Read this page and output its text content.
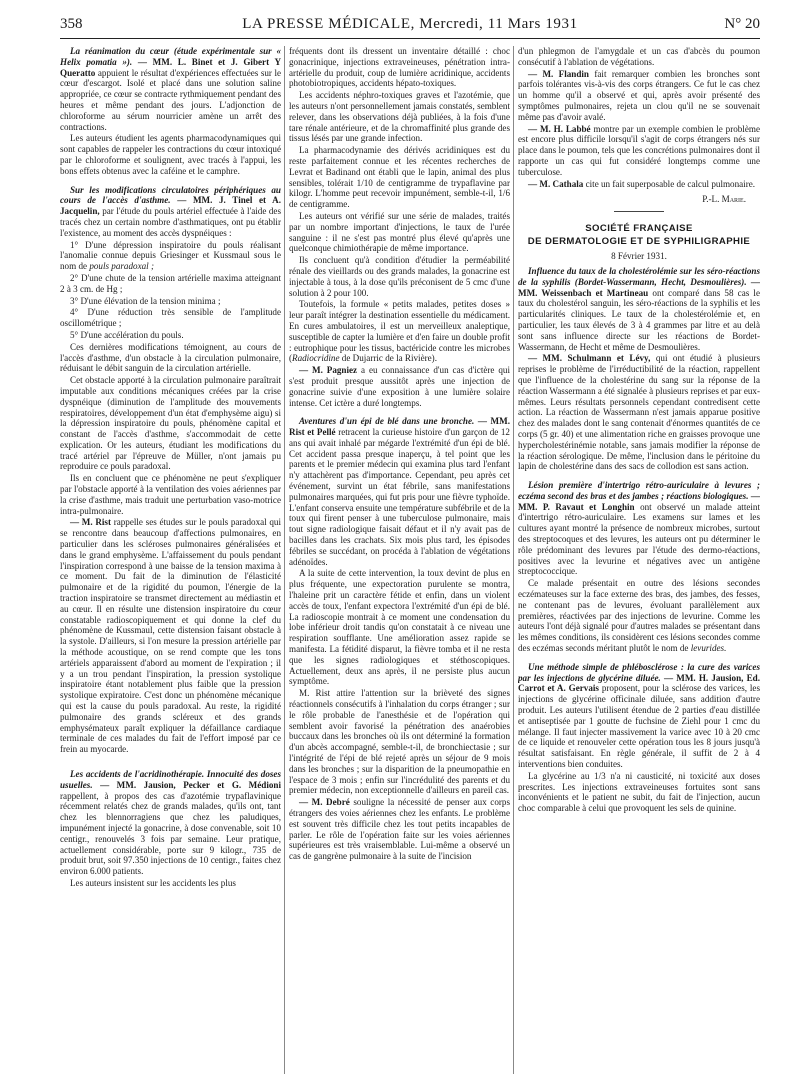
358	LA PRESSE MÉDICALE, Mercredi, 11 Mars 1931	N° 20

La réanimation du cœur (étude expérimentale sur « Helix pomatia »). — MM. L. Binet et J. Gibert Y Queratto appuient le résultat d'expériences effectuées sur le cœur d'escargot. Isolé et placé dans une solution saline appropriée, ce cœur se contracte rythmiquement pendant des heures et même pendant des jours. L'adjonction de chloroforme au sérum nourricier amène un arrêt des contractions.

Les auteurs étudient les agents pharmacodynamiques qui sont capables de rappeler les contractions du cœur intoxiqué par le chloroforme et soulignent, avec tracés à l'appui, les bons effets obtenus avec la caféine et le camphre.

Sur les modifications circulatoires périphériques au cours de l'accès d'asthme. — MM. J. Tinel et A. Jacquelin, par l'étude du pouls artériel effectuée à l'aide des tracés chez un certain nombre d'asthmatiques, ont pu établir l'existence, au moment des accès dyspnéiques :

1° D'une dépression inspiratoire du pouls réalisant l'anomalie connue depuis Griesinger et Kussmaul sous le nom de pouls paradoxal ;

2° D'une chute de la tension artérielle maxima atteignant 2 à 3 cm. de Hg ;

3° D'une élévation de la tension minima ;

4° D'une réduction très sensible de l'amplitude oscillométrique ;

5° D'une accélération du pouls.

Ces dernières modifications témoignent, au cours de l'accès d'asthme, d'un obstacle à la circulation pulmonaire, réduisant le débit sanguin de la circulation artérielle.

Cet obstacle apporté à la circulation pulmonaire paraîtrait imputable aux conditions mécaniques créées par la crise dyspnéique (diminution de l'amplitude des mouvements respiratoires, développement d'un état d'emphysème aigu) si la dépression inspiratoire du pouls, phénomène capital et constant de l'accès d'asthme, s'accommodait de cette explication. Or les auteurs, étudiant les modifications du tracé artériel par l'épreuve de Müller, n'ont jamais pu reproduire ce pouls paradoxal.

Ils en concluent que ce phénomène ne peut s'expliquer par l'obstacle apporté à la ventilation des voies aériennes par la crise d'asthme, mais traduit une perturbation vaso-motrice intra-pulmonaire.

— M. Rist rappelle ses études sur le pouls paradoxal qui se rencontre dans beaucoup d'affections pulmonaires, en particulier dans les scléroses pulmonaires généralisées et dans le grand emphysème. L'affaissement du pouls pendant l'inspiration correspond à une baisse de la tension maxima à ce moment. Du fait de la diminution de l'élasticité pulmonaire et de la rigidité du poumon, l'énergie de la traction inspiratoire se transmet directement au médiastin et au cœur. Il en résulte une distension inspiratoire du cœur constatable radioscopiquement et qui donne la clef du phénomène de Kussmaul, cette distension faisant obstacle à la systole. D'ailleurs, si l'on mesure la pression artérielle par la méthode acoustique, on se rend compte que les tons artériels apparaissent d'abord au moment de l'expiration ; il y a un trou pendant l'inspiration, la pression systolique inspiratoire étant notablement plus faible que la pression systolique expiratoire. C'est donc un phénomène mécanique qui est la cause du pouls paradoxal. Au reste, la rigidité pulmonaire des grands scléreux et des grands emphysémateux paraît expliquer la défaillance cardiaque terminale de ces malades du fait de l'effort imposé par ce frein au myocarde.

Les accidents de l'acridinothérapie. Innocuité des doses usuelles. — MM. Jausion, Pecker et G. Médioni rappellent, à propos des cas d'azotémie trypaflavinique récemment relatés chez de grands malades, qu'ils ont, tant chez les blennorragiens que chez les paludiques, impunément injecté la gonacrine, à dose convenable, soit 10 centigr., renouvelés 3 fois par semaine. Leur pratique, actuellement considérable, porte sur 9 kilogr., 735 de produit brut, soit 97.350 injections de 10 centigr., faites chez environ 6.000 patients.

Les auteurs insistent sur les accidents les plus

fréquents dont ils dressent un inventaire détaillé : choc gonacrinique, injections extraveineuses, pénétration intra-artérielle du produit, coup de lumière acridinique, accidents photobiotropiques, accidents hépato-toxiques.

Les accidents néphro-toxiques graves et l'azotémie, que les auteurs n'ont personnellement jamais constatés, semblent relever, dans les observations déjà publiées, à la fois d'une tare rénale antérieure, et de la chromaffinité plus grande des tissus lésés par une grande infection.

La pharmacodynamie des dérivés acridiniques est du reste parfaitement connue et les récentes recherches de Levrat et Badinand ont établi que le lapin, animal des plus sensibles, tolérait 1/10 de centigramme de trypaflavine par kilogr. L'homme peut recevoir impunément, semble-t-il, 1/6 de centigramme.

Les auteurs ont vérifié sur une série de malades, traités par un nombre important d'injections, le taux de l'urée sanguine : il ne s'est pas montré plus élevé qu'après une quelconque chimiothérapie de même importance.

Ils concluent qu'à condition d'étudier la perméabilité rénale des vieillards ou des grands malades, la gonacrine est injectable à tous, à la dose qu'ils préconisent de 5 cmc d'une solution à 2 pour 100.

Toutefois, la formule « petits malades, petites doses » leur paraît intégrer la destination essentielle du médicament. En cures ambulatoires, il est un merveilleux analeptique, susceptible de capter la lumière et d'en faire un double profit : eutrophique pour les tissus, bactéricide contre les microbes (Radiocridine de Dujarric de la Rivière).

— M. Pagniez a eu connaissance d'un cas d'ictère qui s'est produit presque aussitôt après une injection de gonacrine suivie d'une exposition à une lumière solaire intense. Cet ictère a duré longtemps.

Aventures d'un épi de blé dans une bronche. — MM. Rist et Pellé retracent la curieuse histoire d'un garçon de 12 ans qui avait inhalé par mégarde l'extrémité d'un épi de blé. Cet accident passa presque inaperçu, à tel point que les parents et le premier médecin qui examina plus tard l'enfant n'y attachèrent pas d'importance. Cependant, peu après cet événement, survint un état fébrile, sans manifestations pulmonaires marquées, qui fut pris pour une fièvre typhoïde. L'enfant conserva ensuite une température subfébrile et de la toux qui firent penser à une tuberculose pulmonaire, mais tout signe radiologique faisait défaut et il n'y avait pas de bacilles dans les crachats. Six mois plus tard, les épisodes fébriles se succédant, on procéda à l'ablation de végétations adénoïdes.

A la suite de cette intervention, la toux devint de plus en plus fréquente, une expectoration purulente se montra, l'haleine prit un caractère fétide et enfin, dans un violent accès de toux, l'enfant expectora l'extrémité d'un épi de blé. La radioscopie montrait à ce moment une condensation du lobe inférieur droit tandis qu'on constatait à ce niveau une respiration soufflante. Une amélioration assez rapide se manifesta. La fétidité disparut, la fièvre tomba et il ne resta que les signes radiologiques et stéthoscopiques. Actuellement, deux ans après, il ne persiste plus aucun symptôme.

M. Rist attire l'attention sur la brièveté des signes réactionnels consécutifs à l'inhalation du corps étranger ; sur le rôle probable de l'anesthésie et de l'opération qui semblent avoir favorisé la pénétration des anaérobies buccaux dans les bronches où ils ont déterminé la formation d'un abcès accompagné, semble-t-il, de bronchiectasie ; sur l'intégrité de l'épi de blé rejeté après un séjour de 9 mois dans les bronches ; sur la disparition de la pneumopathie en l'espace de 3 mois ; enfin sur l'incrédulité des parents et du premier médecin, non exceptionnelle d'ailleurs en pareil cas.

— M. Debré souligne la nécessité de penser aux corps étrangers des voies aériennes chez les enfants. Le problème est souvent très difficile chez les tout petits incapables de parler. Le rôle de l'opération faite sur les voies aériennes supérieures est très vraisemblable. Lui-même a observé un cas de gangrène pulmonaire à la suite de l'incision

d'un phlegmon de l'amygdale et un cas d'abcès du poumon consécutif à l'ablation de végétations.

— M. Flandin fait remarquer combien les bronches sont parfois tolérantes vis-à-vis des corps étrangers. Ce fut le cas chez un homme qu'il a observé et qui, après avoir présenté des symptômes pulmonaires, rejeta un clou qu'il ne se souvenait même pas d'avoir avalé.

— M. H. Labbé montre par un exemple combien le problème est encore plus difficile lorsqu'il s'agit de corps étrangers nés sur place dans le poumon, tels que les concrétions pulmonaires dont il rapporte un cas qui fut considéré longtemps comme une tuberculose.

— M. Cathala cite un fait superposable de calcul pulmonaire.

P.-L. Marie.
SOCIÉTÉ FRANÇAISE
DE DERMATOLOGIE ET DE SYPHILIGRAPHIE
8 Février 1931.

Influence du taux de la cholestérolémie sur les séro-réactions de la syphilis (Bordet-Wassermann, Hecht, Desmoulières). — MM. Weissenbach et Martineau ont comparé dans 58 cas le taux du cholestérol sanguin, les séro-réactions de la syphilis et les particularités cliniques. Le taux de la cholestérolémie et, en particulier, les taux élevés de 3 à 4 grammes par litre et au delà sont sans influence directe sur les réactions de Bordet-Wassermann, de Hecht et même de Desmoulières.

— MM. Schulmann et Lévy, qui ont étudié à plusieurs reprises le problème de l'irréductibilité de la réaction, rappellent que l'influence de la cholestérine du sang sur la réponse de la réaction Wassermann a été signalée à plusieurs reprises et par eux-mêmes. Leurs résultats personnels cependant contredisent cette action. La réaction de Wassermann n'est jamais apparue positive chez des malades dont le sang contenait d'énormes quantités de ce corps (5 gr. 40) et une alimentation riche en graisses provoque une hypercholestérinémie notable, sans jamais modifier la réponse de la réaction sérologique. De même, l'inclusion dans le péritoine du lapin de cholestérine dans des sacs de collodion est sans action.

Lésion première d'intertrigo rétro-auriculaire à levures ; eczéma second des bras et des jambes ; réactions biologiques. — MM. P. Ravaut et Longhin ont observé un malade atteint d'intertrigo rétro-auriculaire. Les examens sur lames et les cultures ayant montré la présence de nombreux microbes, surtout des streptocoques et des levures, les auteurs ont pu déterminer le rôle prédominant des levures par l'étude des dermo-réactions, positives avec la levurine et négatives avec un antigène streptococcique.

Ce malade présentait en outre des lésions secondes eczémateuses sur la face externe des bras, des jambes, des fesses, ne contenant pas de levures, évoluant parallèlement aux premières, réactivées par des injections de levurine. Comme les auteurs l'ont déjà signalé pour d'autres malades se présentant dans les mêmes conditions, ils considèrent ces lésions secondes comme des eczémas seconds méritant plutôt le nom de levurides.

Une méthode simple de phlébosclérose : la cure des varices par les injections de glycérine diluée. — MM. H. Jausion, Ed. Carrot et A. Gervais proposent, pour la sclérose des varices, les injections de glycérine officinale diluée, sans addition d'autre produit. Les auteurs l'utilisent étendue de 2 parties d'eau distillée et antiseptisée par 1 goutte de fuchsine de Ziehl pour 1 cmc du mélange. Il faut injecter massivement la varice avec 10 à 20 cmc de ce liquide et renouveler cette opération tous les 8 jours jusqu'à résultat satisfaisant. En règle générale, il suffit de 2 à 4 interventions bien conduites.

La glycérine au 1/3 n'a ni causticité, ni toxicité aux doses prescrites. Les injections extraveineuses fortuites sont sans inconvénients et le patient ne subit, du fait de l'injection, aucun choc comparable à celui que provoquent les sels de quinine.
